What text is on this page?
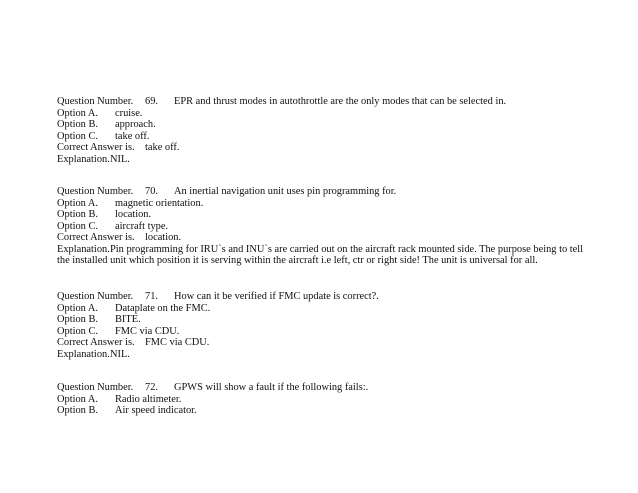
Question Number. 69. EPR and thrust modes in autothrottle are the only modes that can be selected in.
Option A. cruise.
Option B. approach.
Option C. take off.
Correct Answer is. take off.
Explanation.NIL.
Question Number. 70. An inertial navigation unit uses pin programming for.
Option A. magnetic orientation.
Option B. location.
Option C. aircraft type.
Correct Answer is. location.
Explanation.Pin programming for IRU`s and INU`s are carried out on the aircraft rack mounted side. The purpose being to tell the installed unit which position it is serving within the aircraft i.e left, ctr or right side! The unit is universal for all.
Question Number. 71. How can it be verified if FMC update is correct?.
Option A. Dataplate on the FMC.
Option B. BITE.
Option C. FMC via CDU.
Correct Answer is. FMC via CDU.
Explanation.NIL.
Question Number. 72. GPWS will show a fault if the following fails:.
Option A. Radio altimeter.
Option B. Air speed indicator.
